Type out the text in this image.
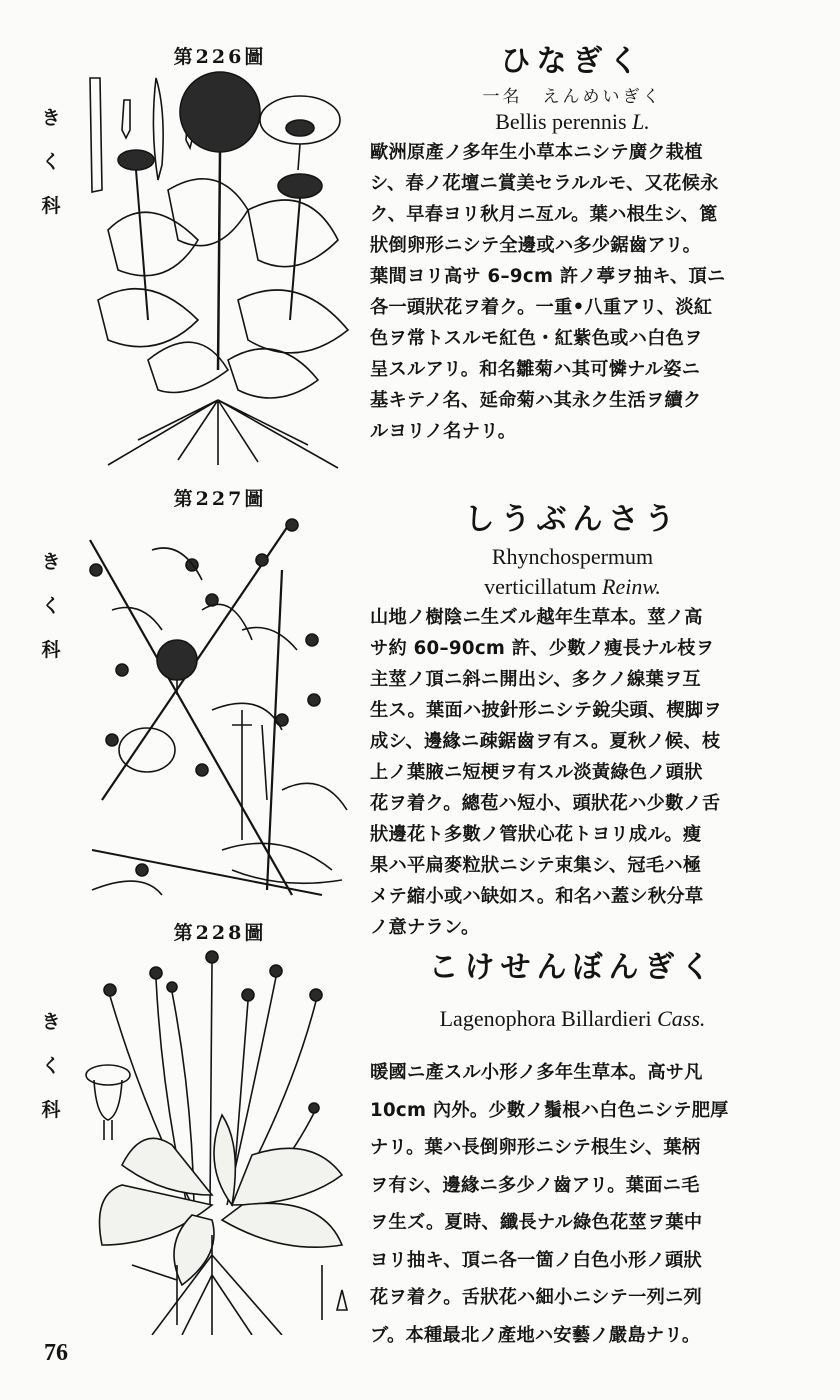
第226圖
き
く
科
ひなぎく
一名　えんめいぎく
Bellis perennis L.
歐洲原產ノ多年生小草本ニシテ廣ク栽植
シ、春ノ花壇ニ賞美セラルルモ、又花候永
ク、早春ヨリ秋月ニ亙ル。葉ハ根生シ、篦
狀倒卵形ニシテ全邊或ハ多少鋸齒アリ。
葉間ヨリ高サ 6–9cm 許ノ葶ヲ抽キ、頂ニ
各一頭狀花ヲ着ク。一重•八重アリ、淡紅
色ヲ常トスルモ紅色・紅紫色或ハ白色ヲ
呈スルアリ。和名雛菊ハ其可憐ナル姿ニ
基キテノ名、延命菊ハ其永ク生活ヲ續ク
ルヨリノ名ナリ。
第227圖
き
く
科
しうぶんさう
Rhynchospermum
verticillatum Reinw.
山地ノ樹陰ニ生ズル越年生草本。莖ノ高
サ約 60–90cm 許、少數ノ瘦長ナル枝ヲ
主莖ノ頂ニ斜ニ開出シ、多クノ線葉ヲ互
生ス。葉面ハ披針形ニシテ銳尖頭、楔脚ヲ
成シ、邊緣ニ疎鋸齒ヲ有ス。夏秋ノ候、枝
上ノ葉腋ニ短梗ヲ有スル淡黃綠色ノ頭狀
花ヲ着ク。總苞ハ短小、頭狀花ハ少數ノ舌
狀邊花ト多數ノ管狀心花トヨリ成ル。瘦
果ハ平扁麥粒狀ニシテ束集シ、冠毛ハ極
メテ縮小或ハ缺如ス。和名ハ蓋シ秋分草
ノ意ナラン。
第228圖
き
く
科
こけせんぼんぎく
Lagenophora Billardieri Cass.
暖國ニ產スル小形ノ多年生草本。高サ凡
10cm 內外。少數ノ鬚根ハ白色ニシテ肥厚
ナリ。葉ハ長倒卵形ニシテ根生シ、葉柄
ヲ有シ、邊緣ニ多少ノ齒アリ。葉面ニ毛
ヲ生ズ。夏時、纖長ナル綠色花莖ヲ葉中
ヨリ抽キ、頂ニ各一箇ノ白色小形ノ頭狀
花ヲ着ク。舌狀花ハ細小ニシテ一列ニ列
ブ。本種最北ノ產地ハ安藝ノ嚴島ナリ。
76
